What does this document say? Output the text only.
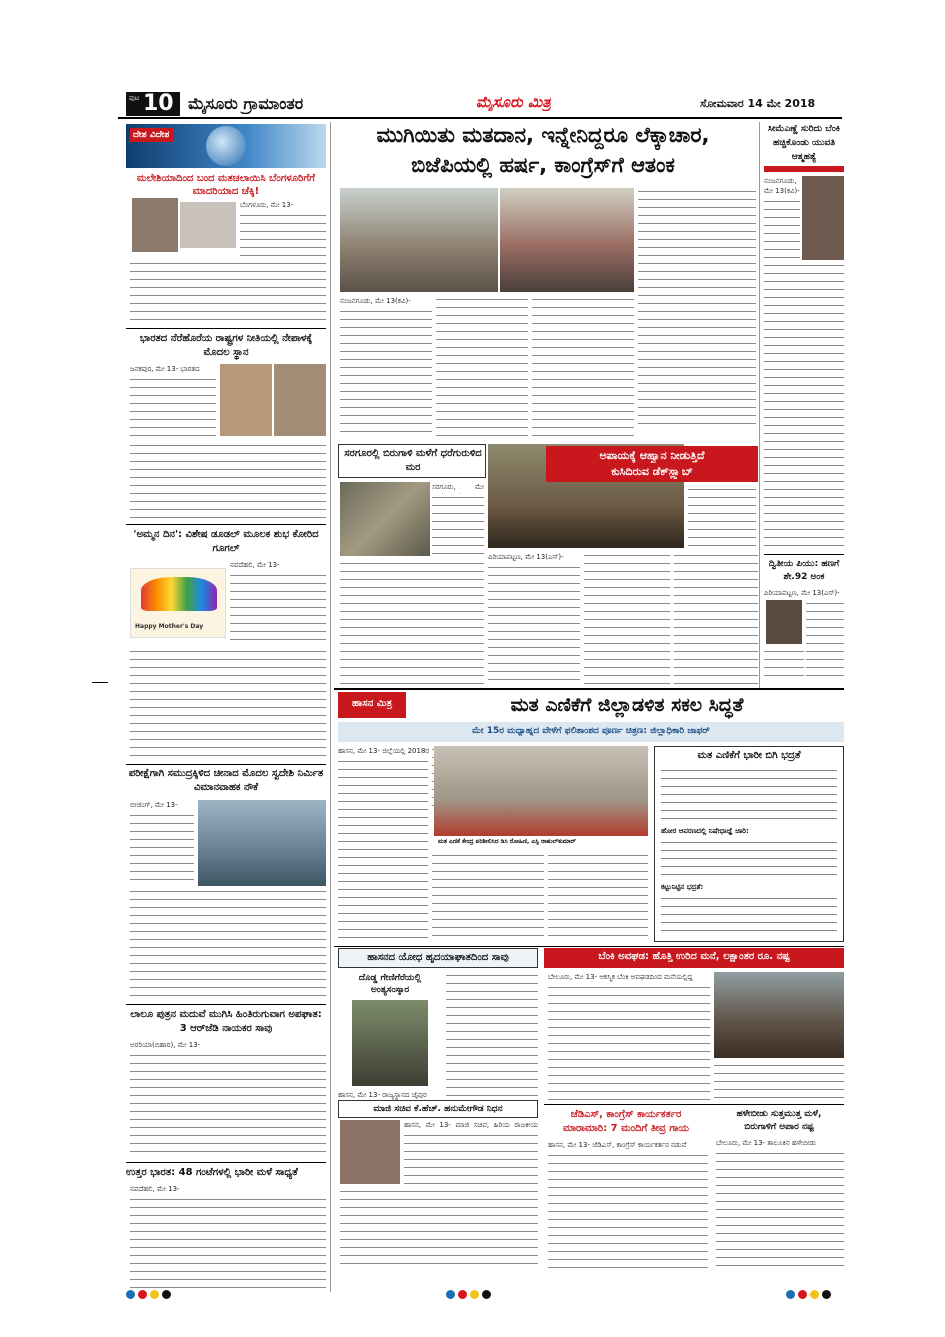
ಪುಟ 10 ಮೈಸೂರು ಗ್ರಾಮಾಂತರ	ಮೈಸೂರು ಮಿತ್ರ	ಸೋಮವಾರ 14 ಮೇ 2018
ದೇಶ ವಿದೇಶ
ಮಲೇಶಿಯಾದಿಂದ ಬಂದ ಮತಚಲಾಯಿಸಿ ಬೆಂಗಳೂರಿಗೆಗೆ ಮಾದರಿಯಾದ ಚೆಕ್ಕಿ!
ಬೆಂಗಳೂರು, ಮೇ 13-
ಭಾರತದ ನೆರೆಹೊರೆಯ ರಾಷ್ಟ್ರಗಳ ನೀತಿಯಲ್ಲಿ ನೇಪಾಳಕ್ಕೆ ಮೊದಲ ಸ್ಥಾನ
ಜನಕಪುರ, ಮೇ 13- ಭಾರತದ
'ಅಮ್ಮನ ದಿನ': ವಿಶೇಷ ಡೂಡಲ್ ಮೂಲಕ ಶುಭ ಕೋರಿದ ಗೂಗಲ್
ನವದೆಹಲಿ, ಮೇ 13-
Happy Mother's Day
ಪರೀಕ್ಷೆಗಾಗಿ ಸಮುದ್ರಕ್ಕಿಳಿದ ಚೀನಾದ ಮೊದಲ ಸ್ವದೇಶಿ ನಿರ್ಮಿತ ವಿಮಾನವಾಹಕ ನೌಕೆ
ಬೀಜಿಂಗ್, ಮೇ 13-
ಲಾಲೂ ಪುತ್ರನ ಮದುವೆ ಮುಗಿಸಿ ಹಿಂತಿರುಗುವಾಗ ಅಪಘಾತ: 3 ಆರ್‌ಜೆಡಿ ನಾಯಕರ ಸಾವು
ಅರರಿಯಾ(ಬಿಹಾರ), ಮೇ 13-
ಉತ್ತರ ಭಾರತ: 48 ಗಂಟೆಗಳಲ್ಲಿ ಭಾರೀ ಮಳೆ ಸಾಧ್ಯತೆ
ನವದೆಹಲಿ, ಮೇ 13-
ಮುಗಿಯಿತು ಮತದಾನ, ಇನ್ನೇನಿದ್ದರೂ ಲೆಕ್ಕಾಚಾರ,
ಬಿಜೆಪಿಯಲ್ಲಿ ಹರ್ಷ, ಕಾಂಗ್ರೆಸ್‌ಗೆ ಆತಂಕ
ನಂಜನಗೂಡು, ಮೇ 13(ಕವಿ)-
ಸರಗೂರಲ್ಲಿ ಬಿರುಗಾಳಿ ಮಳೆಗೆ ಧರೆಗುರುಳಿದ ಮರ
ಸರಗೂರು, ಮೇ
ಅಪಾಯಕ್ಕೆ ಆಹ್ವಾನ ನೀಡುತ್ತಿದೆ
ಕುಸಿದಿರುವ ಡೆಕ್‌ಸ್ಲ್ಯಾಬ್
ಪಿರಿಯಾಪಟ್ಟಣ, ಮೇ 13(ಎಸ್)-
ಸೀಮೆಎಣ್ಣೆ ಸುರಿದು ಬೆಂಕಿ ಹಚ್ಚಿಕೊಂಡು ಯುವತಿ ಆತ್ಮಹತ್ಯೆ
ನಂಜನಗೂಡು, ಮೇ 13(ಕವಿ)-
ದ್ವಿತೀಯ ಪಿಯು: ಹಣಗೆ ಶೇ.92 ಅಂಕ
ಪಿರಿಯಾಪಟ್ಟಣ, ಮೇ 13(ಎಸ್)-
ಹಾಸನ ಮಿತ್ರ	ಮತ ಎಣಿಕೆಗೆ ಜಿಲ್ಲಾಡಳಿತ ಸಕಲ ಸಿದ್ಧತೆ
ಮೇ 15ರ ಮಧ್ಯಾಹ್ನದ ವೇಳೆಗೆ ಫಲಿತಾಂಶದ ಪೂರ್ಣ ಚಿತ್ರಣ: ಜಿಲ್ಲಾಧಿಕಾರಿ ಜಾಫರ್
ಹಾಸನ, ಮೇ 13- ಜಿಲ್ಲೆಯಲ್ಲಿ 2018ರ
ಮತ ಎಣಿಕೆ ಕೇಂದ್ರ ಪರಿಶೀಲಿಸಿದ ಡಿಸಿ ರೋಹಿಣಿ, ಎಸ್ಪಿ ರಾಹುಲ್‌ಕುಮಾರ್
ಮತ ಎಣಿಕೆಗೆ ಭಾರೀ ಬಿಗಿ ಭದ್ರತೆ
ಹೋರ ಆವರಣದಲ್ಲಿ ನಿಷೇಧಾಜ್ಞೆ ಜಾರಿ:
ಕಟ್ಟುನಿಟ್ಟಿನ ಭದ್ರತೆ:
ಹಾಸನದ ಯೋಧ ಹೃದಯಾಘಾತದಿಂದ ಸಾವು
ದೊಡ್ಡ ಗೇಣಿಗೆರೆಯಲ್ಲಿ
ಅಂತ್ಯಸಂಸ್ಕಾರ
ಹಾಸನ, ಮೇ 13- ರಾಜ್ಯಸ್ಥಾನದ ಜೈಪುರ
ಮಾಜಿ ಸಚಿವ ಕೆ.ಹೆಚ್. ಹನುಮೇಗೌಡ ನಿಧನ
ಹಾಸನ, ಮೇ 13- ಮಾಜಿ ಸಚಿವ, ಹಿರಿಯ ರಾಜಕೀಯ
ಬೆಂಕಿ ಅವಘಡ: ಹೊತ್ತಿ ಉರಿದ ಮನೆ, ಲಕ್ಷಾಂತರ ರೂ. ನಷ್ಟ
ಬೇಲೂರು, ಮೇ 13- ಆಕಸ್ಮಿಕ ಬೆಂಕಿ ಅವಘಡದಿಂದ ಮನೆಯಲ್ಲಿದ್ದ
ಜೆಡಿಎಸ್, ಕಾಂಗ್ರೆಸ್ ಕಾರ್ಯಕರ್ತರ
ಮಾರಾಮಾರಿ: 7 ಮಂದಿಗೆ ತೀವ್ರ ಗಾಯ
ಹಾಸನ, ಮೇ 13- ಜೆಡಿಎಸ್, ಕಾಂಗ್ರೆಸ್ ಕಾರ್ಯಕರ್ತರ ನಡುವೆ
ಹಳೇಬೀಡು ಸುತ್ತಮುತ್ತ ಮಳೆ,
ಬಿರುಗಾಳಿಗೆ ಅಪಾರ ನಷ್ಟ
ಬೇಲೂರು, ಮೇ 13- ತಾಲೂಕಿನ ಹಳೇಬೀಡು
